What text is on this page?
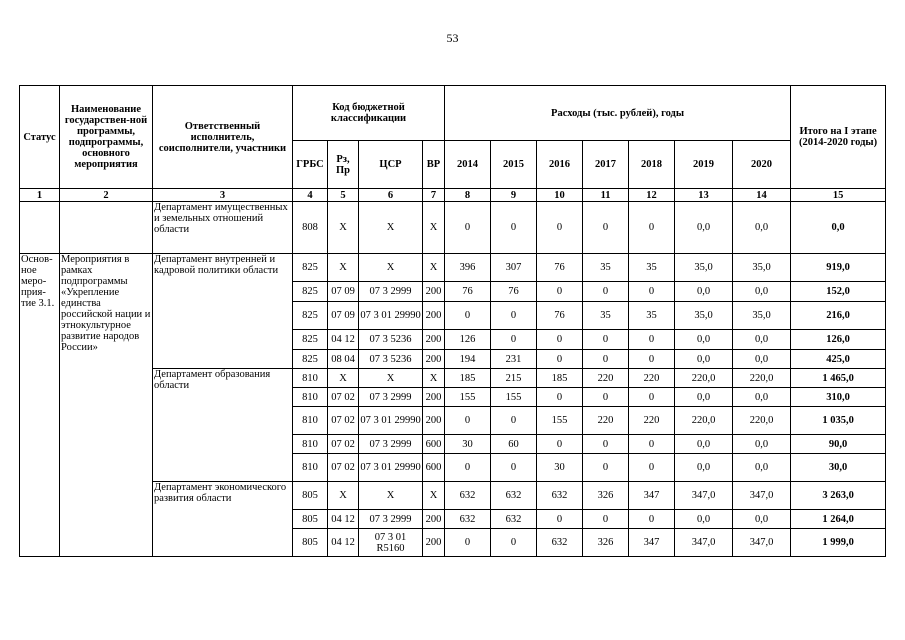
53
Статус	Наименование государствен-ной программы, подпрограммы, основного мероприятия	Ответственный исполнитель, соисполнители, участники	Код бюджетной классификации				Расходы (тыс. рублей), годы							Итого на I этапе (2014-2020 годы)
			ГРБС	Рз, Пр	ЦСР	ВР	2014	2015	2016	2017	2018	2019	2020	
1	2	3	4	5	6	7	8	9	10	11	12	13	14	15
		Департамент имущественных и земельных отношений области	808	Х	Х	Х	0	0	0	0	0	0,0	0,0	0,0
Основ-ное меро-прия-тие 3.1.	Мероприятия в рамках подпрограммы «Укрепление единства российской нации и этнокультурное развитие народов России»	Департамент внутренней и кадровой политики области	825	Х	Х	Х	396	307	76	35	35	35,0	35,0	919,0
			825	07 09	07 3 2999	200	76	76	0	0	0	0,0	0,0	152,0
			825	07 09	07 3 01 29990	200	0	0	76	35	35	35,0	35,0	216,0
			825	04 12	07 3 5236	200	126	0	0	0	0	0,0	0,0	126,0
			825	08 04	07 3 5236	200	194	231	0	0	0	0,0	0,0	425,0
		Департамент образования области	810	Х	Х	Х	185	215	185	220	220	220,0	220,0	1 465,0
			810	07 02	07 3 2999	200	155	155	0	0	0	0,0	0,0	310,0
			810	07 02	07 3 01 29990	200	0	0	155	220	220	220,0	220,0	1 035,0
			810	07 02	07 3 2999	600	30	60	0	0	0	0,0	0,0	90,0
			810	07 02	07 3 01 29990	600	0	0	30	0	0	0,0	0,0	30,0
		Департамент экономического развития области	805	Х	Х	Х	632	632	632	326	347	347,0	347,0	3 263,0
			805	04 12	07 3 2999	200	632	632	0	0	0	0,0	0,0	1 264,0
			805	04 12	07 3 01 R5160	200	0	0	632	326	347	347,0	347,0	1 999,0
